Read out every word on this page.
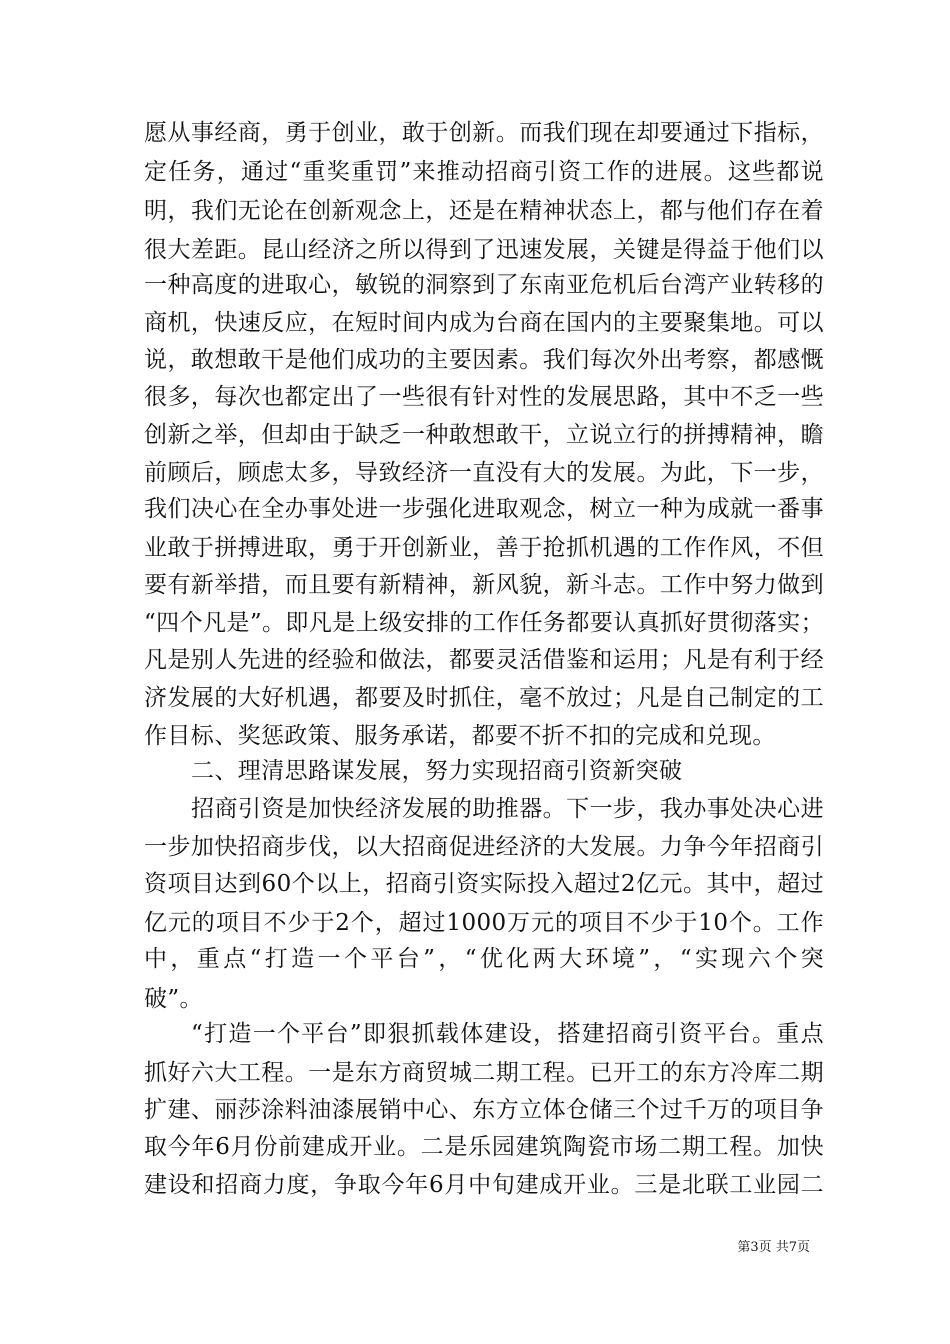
愿从事经商，勇于创业，敢于创新。而我们现在却要通过下指标，
定任务，通过“重奖重罚”来推动招商引资工作的进展。这些都说
明，我们无论在创新观念上，还是在精神状态上，都与他们存在着
很大差距。昆山经济之所以得到了迅速发展，关键是得益于他们以
一种高度的进取心，敏锐的洞察到了东南亚危机后台湾产业转移的
商机，快速反应，在短时间内成为台商在国内的主要聚集地。可以
说，敢想敢干是他们成功的主要因素。我们每次外出考察，都感慨
很多，每次也都定出了一些很有针对性的发展思路，其中不乏一些
创新之举，但却由于缺乏一种敢想敢干，立说立行的拼搏精神，瞻
前顾后，顾虑太多，导致经济一直没有大的发展。为此，下一步，
我们决心在全办事处进一步强化进取观念，树立一种为成就一番事
业敢于拼搏进取，勇于开创新业，善于抢抓机遇的工作作风，不但
要有新举措，而且要有新精神，新风貌，新斗志。工作中努力做到
“四个凡是”。即凡是上级安排的工作任务都要认真抓好贯彻落实；
凡是别人先进的经验和做法，都要灵活借鉴和运用；凡是有利于经
济发展的大好机遇，都要及时抓住，毫不放过；凡是自己制定的工
作目标、奖惩政策、服务承诺，都要不折不扣的完成和兑现。
二、理清思路谋发展，努力实现招商引资新突破
招商引资是加快经济发展的助推器。下一步，我办事处决心进
一步加快招商步伐，以大招商促进经济的大发展。力争今年招商引
资项目达到60个以上，招商引资实际投入超过2亿元。其中，超过
亿元的项目不少于2个，超过1000万元的项目不少于10个。工作
中，重点“打造一个平台”，“优化两大环境”，“实现六个突
破”。
“打造一个平台”即狠抓载体建设，搭建招商引资平台。重点
抓好六大工程。一是东方商贸城二期工程。已开工的东方冷库二期
扩建、丽莎涂料油漆展销中心、东方立体仓储三个过千万的项目争
取今年6月份前建成开业。二是乐园建筑陶瓷市场二期工程。加快
建设和招商力度，争取今年6月中旬建成开业。三是北联工业园二
第3页 共7页
